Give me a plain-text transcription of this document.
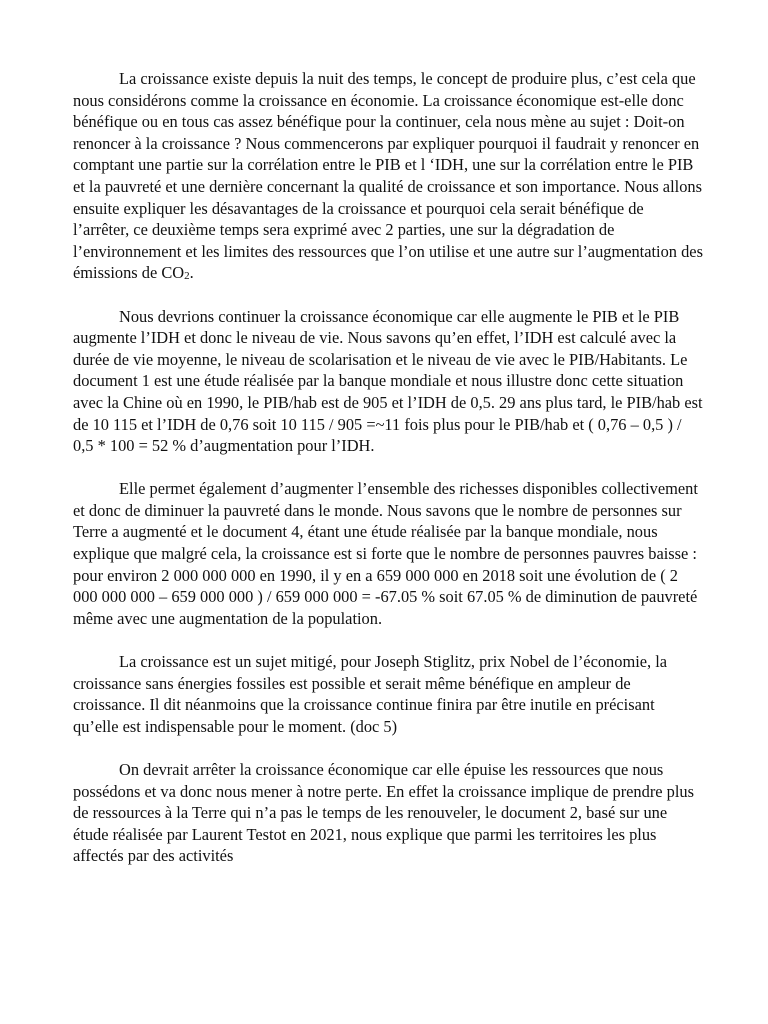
La croissance existe depuis la nuit des temps, le concept de produire plus, c’est cela que nous considérons comme la croissance en économie. La croissance économique est-elle donc bénéfique ou en tous cas assez bénéfique pour la continuer, cela nous mène au sujet : Doit-on renoncer à la croissance ? Nous commencerons par expliquer pourquoi il faudrait y renoncer en comptant une partie sur la corrélation entre le PIB et l ‘IDH, une sur la corrélation entre le PIB et la pauvreté et une dernière concernant la qualité de croissance et son importance. Nous allons ensuite expliquer les désavantages de la croissance et pourquoi cela serait bénéfique de l’arrêter, ce deuxième temps sera exprimé avec 2 parties, une sur la dégradation de l’environnement et les limites des ressources que l’on utilise et une autre sur l’augmentation des émissions de $CO_2$.

Nous devrions continuer la croissance économique car elle augmente le PIB et le PIB augmente l’IDH et donc le niveau de vie. Nous savons qu’en effet, l’IDH est calculé avec la durée de vie moyenne, le niveau de scolarisation et le niveau de vie avec le PIB/Habitants. Le document 1 est une étude réalisée par la banque mondiale et nous illustre donc cette situation avec la Chine où en 1990, le PIB/hab est de 905 et l’IDH de 0,5. 29 ans plus tard, le PIB/hab est de 10 115 et l’IDH de 0,76 soit 10 115 / 905 =~11 fois plus pour le PIB/hab et ( 0,76 – 0,5 ) / 0,5 * 100 = 52 % d’augmentation pour l’IDH.

Elle permet également d’augmenter l’ensemble des richesses disponibles collectivement et donc de diminuer la pauvreté dans le monde. Nous savons que le nombre de personnes sur Terre a augmenté et le document 4, étant une étude réalisée par la banque mondiale, nous explique que malgré cela, la croissance est si forte que le nombre de personnes pauvres baisse : pour environ 2 000 000 000 en 1990, il y en a 659 000 000 en 2018 soit une évolution de ( 2 000 000 000 – 659 000 000 ) / 659 000 000 = -67.05 % soit 67.05 % de diminution de pauvreté même avec une augmentation de la population.

La croissance est un sujet mitigé, pour Joseph Stiglitz, prix Nobel de l’économie, la croissance sans énergies fossiles est possible et serait même bénéfique en ampleur de croissance. Il dit néanmoins que la croissance continue finira par être inutile en précisant qu’elle est indispensable pour le moment. (doc 5)

On devrait arrêter la croissance économique car elle épuise les ressources que nous possédons et va donc nous mener à notre perte. En effet la croissance implique de prendre plus de ressources à la Terre qui n’a pas le temps de les renouveler, le document 2, basé sur une étude réalisée par Laurent Testot en 2021, nous explique que parmi les territoires les plus affectés par des activités
